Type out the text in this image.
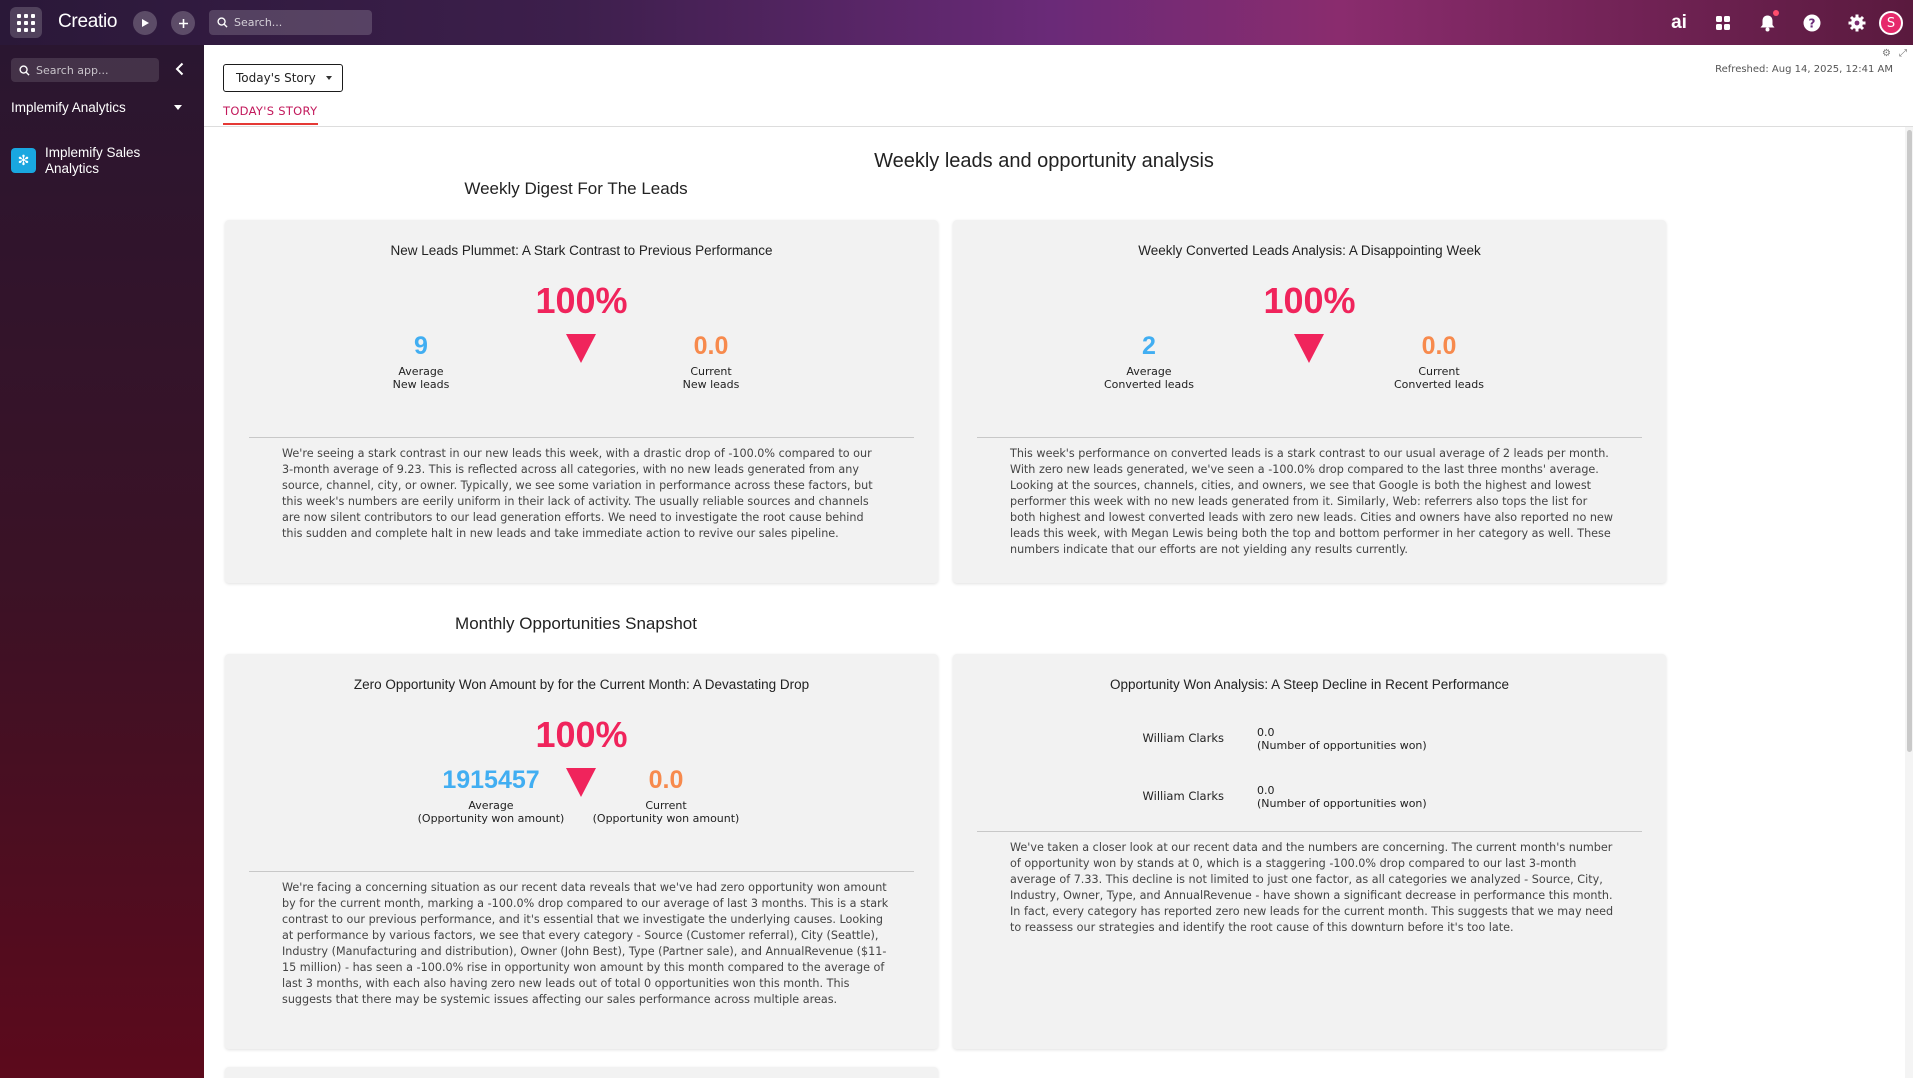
Creatio	Search...	ai	?	S
Search app...
Implemify Analytics
✻	Implemify Sales Analytics
Today's Story
⚙ ⤢
Refreshed: Aug 14, 2025, 12:41 AM
TODAY'S STORY
Weekly leads and opportunity analysis
Weekly Digest For The Leads
New Leads Plummet: A Stark Contrast to Previous Performance
100%
9
Average
New leads
0.0
Current
New leads
We're seeing a stark contrast in our new leads this week, with a drastic drop of -100.0% compared to our 3-month average of 9.23. This is reflected across all categories, with no new leads generated from any source, channel, city, or owner. Typically, we see some variation in performance across these factors, but this week's numbers are eerily uniform in their lack of activity. The usually reliable sources and channels are now silent contributors to our lead generation efforts. We need to investigate the root cause behind this sudden and complete halt in new leads and take immediate action to revive our sales pipeline.
Weekly Converted Leads Analysis: A Disappointing Week
100%
2
Average
Converted leads
0.0
Current
Converted leads
This week's performance on converted leads is a stark contrast to our usual average of 2 leads per month. With zero new leads generated, we've seen a -100.0% drop compared to the last three months' average. Looking at the sources, channels, cities, and owners, we see that Google is both the highest and lowest performer this week with no new leads generated from it. Similarly, Web: referrers also tops the list for both highest and lowest converted leads with zero new leads. Cities and owners have also reported no new leads this week, with Megan Lewis being both the top and bottom performer in her category as well. These numbers indicate that our efforts are not yielding any results currently.
Monthly Opportunities Snapshot
Zero Opportunity Won Amount by for the Current Month: A Devastating Drop
100%
1915457
Average
(Opportunity won amount)
0.0
Current
(Opportunity won amount)
We're facing a concerning situation as our recent data reveals that we've had zero opportunity won amount by for the current month, marking a -100.0% drop compared to our average of last 3 months. This is a stark contrast to our previous performance, and it's essential that we investigate the underlying causes. Looking at performance by various factors, we see that every category - Source (Customer referral), City (Seattle), Industry (Manufacturing and distribution), Owner (John Best), Type (Partner sale), and AnnualRevenue ($11-15 million) - has seen a -100.0% rise in opportunity won amount by this month compared to the average of last 3 months, with each also having zero new leads out of total 0 opportunities won this month. This suggests that there may be systemic issues affecting our sales performance across multiple areas.
Opportunity Won Analysis: A Steep Decline in Recent Performance
William Clarks	0.0
(Number of opportunities won)
William Clarks	0.0
(Number of opportunities won)
We've taken a closer look at our recent data and the numbers are concerning. The current month's number of opportunity won by stands at 0, which is a staggering -100.0% drop compared to our last 3-month average of 7.33. This decline is not limited to just one factor, as all categories we analyzed - Source, City, Industry, Owner, Type, and AnnualRevenue - have shown a significant decrease in performance this month. In fact, every category has reported zero new leads for the current month. This suggests that we may need to reassess our strategies and identify the root cause of this downturn before it's too late.
